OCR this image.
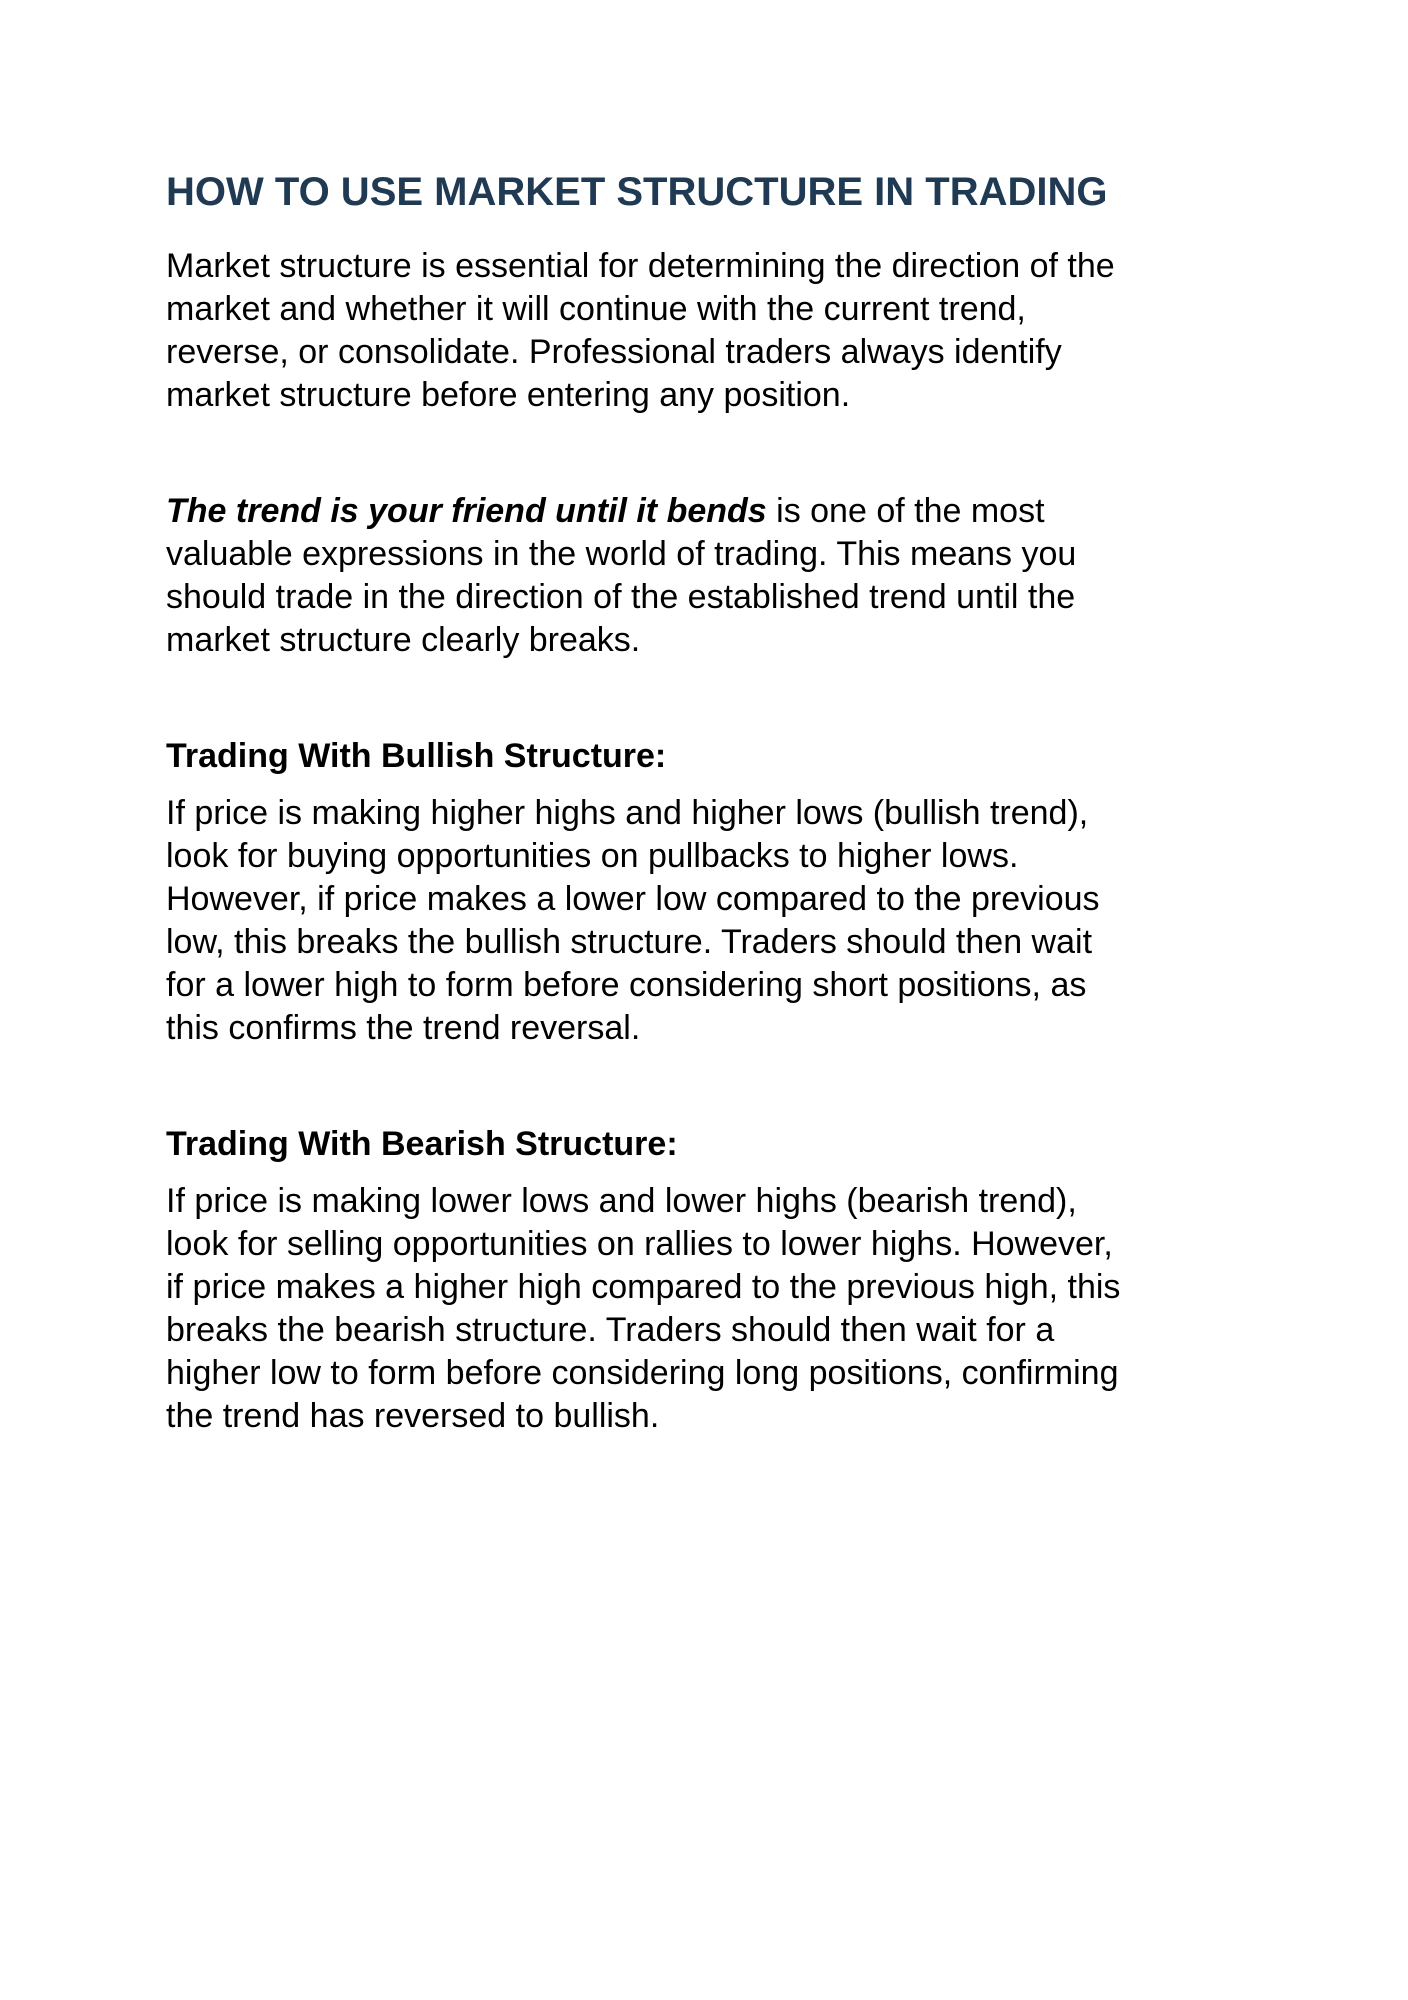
HOW TO USE MARKET STRUCTURE IN TRADING

Market structure is essential for determining the direction of the
market and whether it will continue with the current trend,
reverse, or consolidate. Professional traders always identify
market structure before entering any position.

The trend is your friend until it bends is one of the most
valuable expressions in the world of trading. This means you
should trade in the direction of the established trend until the
market structure clearly breaks.

Trading With Bullish Structure:

If price is making higher highs and higher lows (bullish trend),
look for buying opportunities on pullbacks to higher lows.
However, if price makes a lower low compared to the previous
low, this breaks the bullish structure. Traders should then wait
for a lower high to form before considering short positions, as
this confirms the trend reversal.

Trading With Bearish Structure:

If price is making lower lows and lower highs (bearish trend),
look for selling opportunities on rallies to lower highs. However,
if price makes a higher high compared to the previous high, this
breaks the bearish structure. Traders should then wait for a
higher low to form before considering long positions, confirming
the trend has reversed to bullish.
